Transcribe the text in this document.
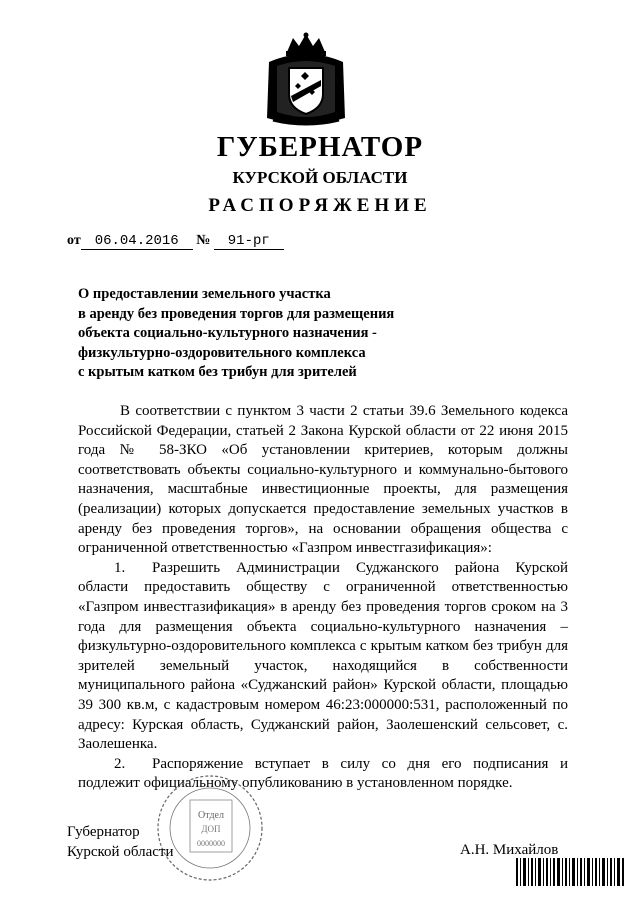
ГУБЕРНАТОР
КУРСКОЙ ОБЛАСТИ
РАСПОРЯЖЕНИЕ
от 06.04.2016 № 91-рг
О предоставлении земельного участка
в аренду без проведения торгов для размещения
объекта социально-культурного назначения -
физкультурно-оздоровительного комплекса
с крытым катком без трибун для зрителей

В соответствии с пунктом 3 части 2 статьи 39.6 Земельного кодекса Российской Федерации, статьей 2 Закона Курской области от 22 июня 2015 года № 58-ЗКО «Об установлении критериев, которым должны соответствовать объекты социально-культурного и коммунально-бытового назначения, масштабные инвестиционные проекты, для размещения (реализации) которых допускается предоставление земельных участков в аренду без проведения торгов», на основании обращения общества с ограниченной ответственностью «Газпром инвестгазификация»:

1. Разрешить Администрации Суджанского района Курской области предоставить обществу с ограниченной ответственностью «Газпром инвестгазификация» в аренду без проведения торгов сроком на 3 года для размещения объекта социально-культурного назначения – физкультурно-оздоровительного комплекса с крытым катком без трибун для зрителей земельный участок, находящийся в собственности муниципального района «Суджанский район» Курской области, площадью 39 300 кв.м, с кадастровым номером 46:23:000000:531, расположенный по адресу: Курская область, Суджанский район, Заолешенский сельсовет, с. Заолешенка.

2. Распоряжение вступает в силу со дня его подписания и подлежит официальному опубликованию в установленном порядке.

Отдел
ДОП
0000000
Губернатор
Курской области	А.Н. Михайлов
